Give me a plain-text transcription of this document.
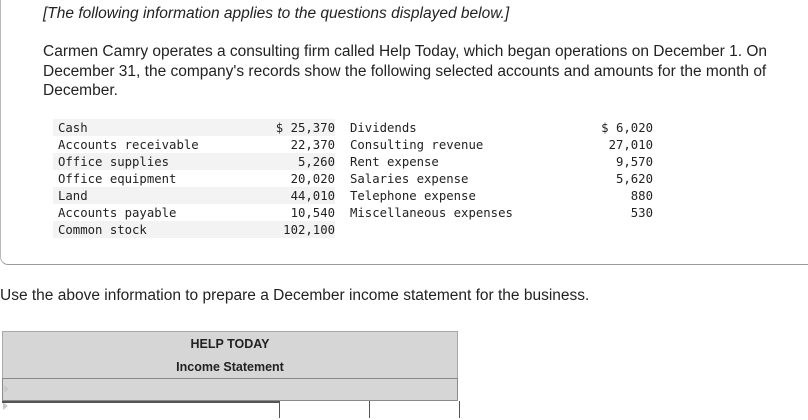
[The following information applies to the questions displayed below.]
Carmen Camry operates a consulting firm called Help Today, which began operations on December 1. On December 31, the company's records show the following selected accounts and amounts for the month of December.
Cash	$ 25,370		Dividends	$ 6,020
Accounts receivable	22,370		Consulting revenue	27,010
Office supplies	5,260		Rent expense	9,570
Office equipment	20,020		Salaries expense	5,620
Land	44,010		Telephone expense	880
Accounts payable	10,540		Miscellaneous expenses	530
Common stock	102,100			
Use the above information to prepare a December income statement for the business.
HELP TODAY
Income Statement
